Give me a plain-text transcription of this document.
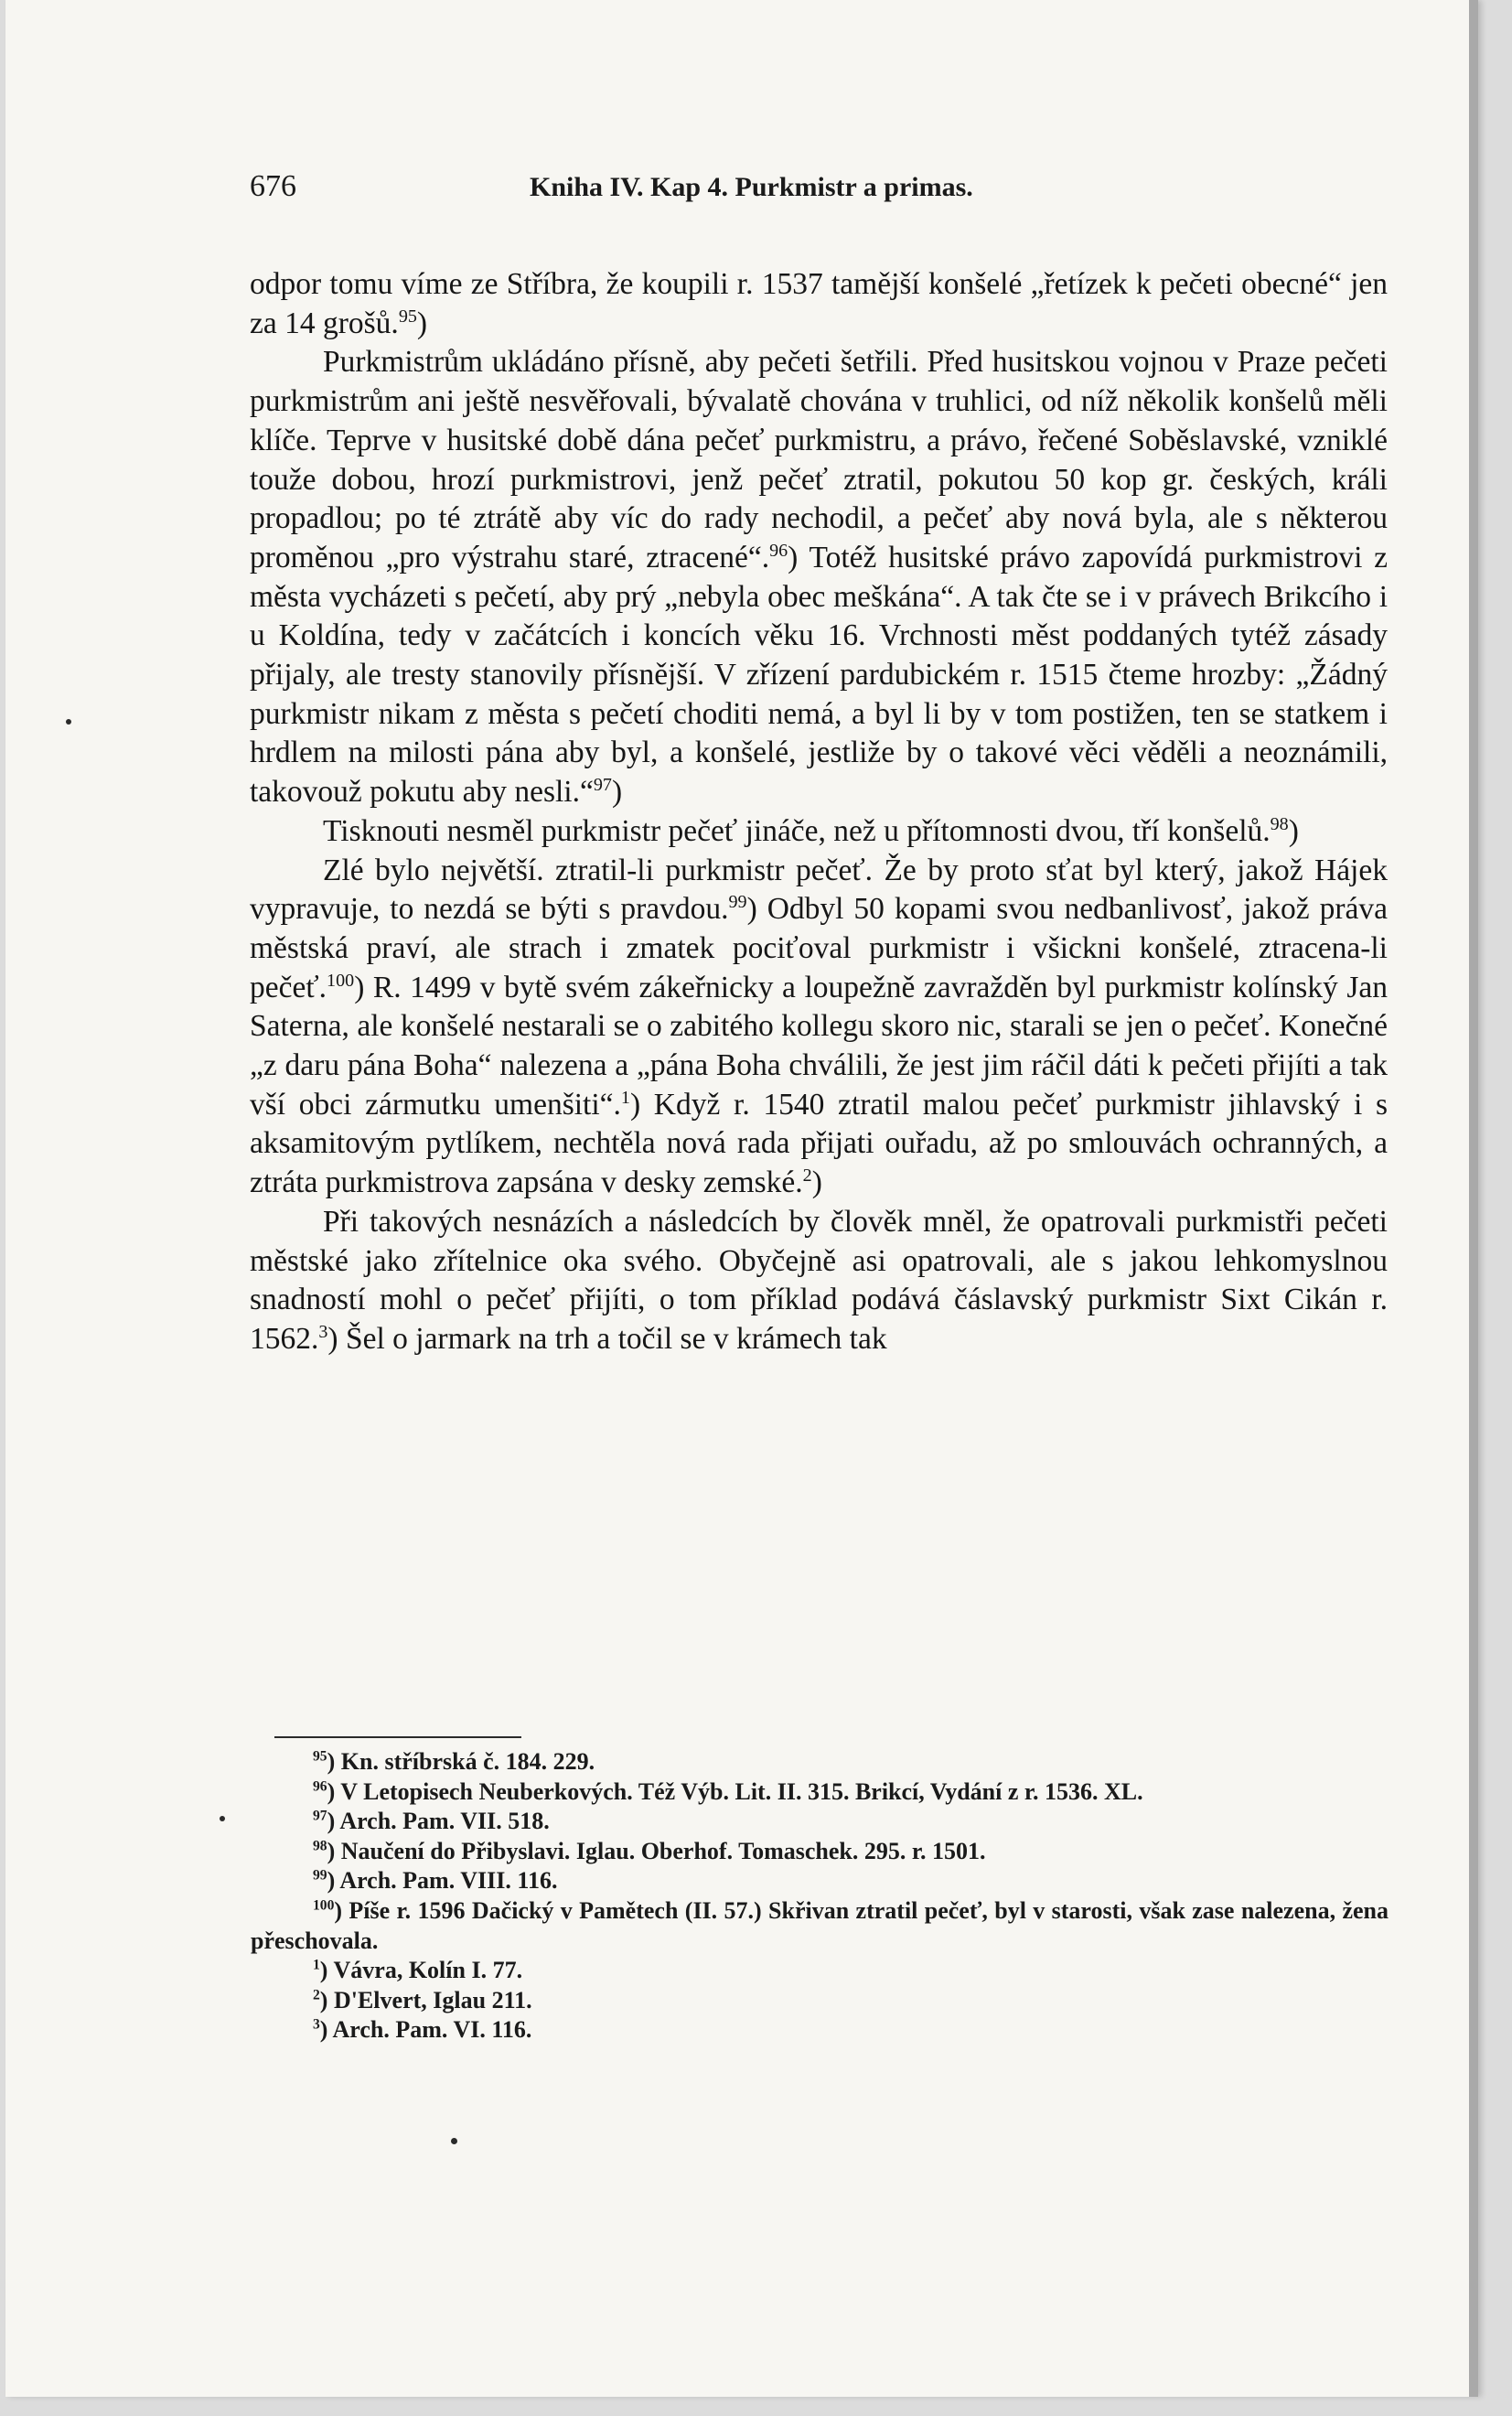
676	Kniha IV. Kap 4. Purkmistr a primas.

odpor tomu víme ze Stříbra, že koupili r. 1537 tamější konšelé „řetízek k pečeti obecné“ jen za 14 grošů.$^{95}$)

Purkmistrům ukládáno přísně, aby pečeti šetřili. Před husitskou vojnou v Praze pečeti purkmistrům ani ještě nesvěřovali, bývalatě chována v truhlici, od níž několik konšelů měli klíče. Teprve v husitské době dána pečeť purkmistru, a právo, řečené Soběslavské, vzniklé touže dobou, hrozí purkmistrovi, jenž pečeť ztratil, pokutou 50 kop gr. českých, králi propadlou; po té ztrátě aby víc do rady nechodil, a pečeť aby nová byla, ale s některou proměnou „pro výstrahu staré, ztracené“.$^{96}$) Totéž husitské právo zapovídá purkmistrovi z města vycházeti s pečetí, aby prý „nebyla obec meškána“. A tak čte se i v právech Brikcího i u Koldína, tedy v začátcích i koncích věku 16. Vrchnosti měst poddaných tytéž zásady přijaly, ale tresty stanovily přísnější. V zřízení pardubickém r. 1515 čteme hrozby: „Žádný purkmistr nikam z města s pečetí choditi nemá, a byl li by v tom postižen, ten se statkem i hrdlem na milosti pána aby byl, a konšelé, jestliže by o takové věci věděli a neoznámili, takovouž pokutu aby nesli.“$^{97}$)

Tisknouti nesměl purkmistr pečeť jináče, než u přítomnosti dvou, tří konšelů.$^{98}$)

Zlé bylo největší. ztratil-li purkmistr pečeť. Že by proto sťat byl který, jakož Hájek vypravuje, to nezdá se býti s pravdou.$^{99}$) Odbyl 50 kopami svou nedbanlivosť, jakož práva městská praví, ale strach i zmatek pociťoval purkmistr i všickni konšelé, ztracena-li pečeť.$^{100}$) R. 1499 v bytě svém zákeřnicky a loupežně zavražděn byl purkmistr kolínský Jan Saterna, ale konšelé nestarali se o zabitého kollegu skoro nic, starali se jen o pečeť. Konečné „z daru pána Boha“ nalezena a „pána Boha chválili, že jest jim ráčil dáti k pečeti přijíti a tak vší obci zármutku umenšiti“.$^1$) Když r. 1540 ztratil malou pečeť purkmistr jihlavský i s aksamitovým pytlíkem, nechtěla nová rada přijati ouřadu, až po smlouvách ochranných, a ztráta purkmistrova zapsána v desky zemské.$^2$)

Při takových nesnázích a následcích by člověk mněl, že opatrovali purkmistři pečeti městské jako zřítelnice oka svého. Obyčejně asi opatrovali, ale s jakou lehkomyslnou snadností mohl o pečeť přijíti, o tom příklad podává čáslavský purkmistr Sixt Cikán r. 1562.$^3$) Šel o jarmark na trh a točil se v krámech tak

$^{95}$) Kn. stříbrská č. 184. 229.

$^{96}$) V Letopisech Neuberkových. Též Výb. Lit. II. 315. Brikcí, Vydání z r. 1536. XL.

$^{97}$) Arch. Pam. VII. 518.

$^{98}$) Naučení do Přibyslavi. Iglau. Oberhof. Tomaschek. 295. r. 1501.

$^{99}$) Arch. Pam. VIII. 116.

$^{100}$) Píše r. 1596 Dačický v Pamětech (II. 57.) Skřivan ztratil pečeť, byl v starosti, však zase nalezena, žena přeschovala.

$^1$) Vávra, Kolín I. 77.

$^2$) D'Elvert, Iglau 211.

$^3$) Arch. Pam. VI. 116.
